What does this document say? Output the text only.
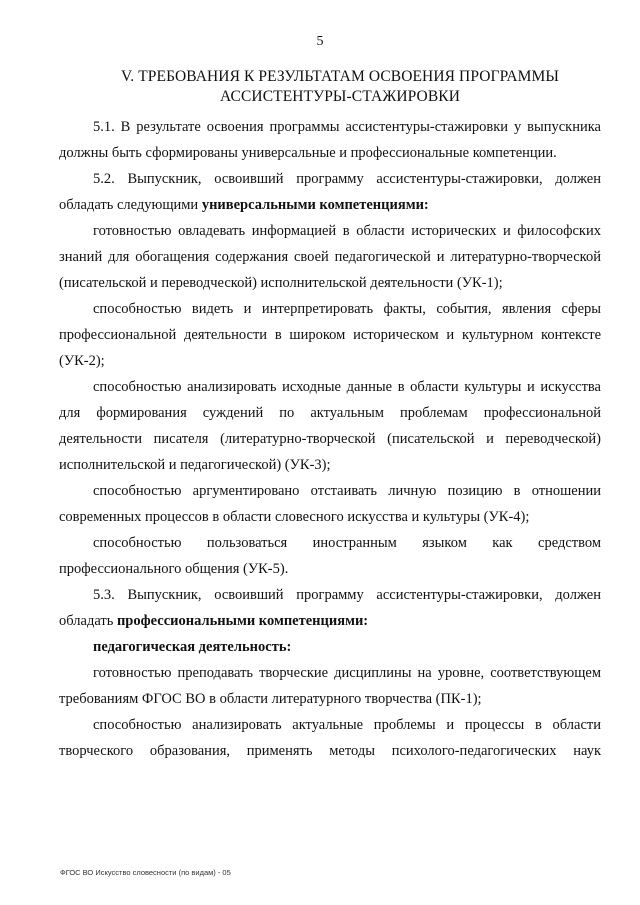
5
V. ТРЕБОВАНИЯ К РЕЗУЛЬТАТАМ ОСВОЕНИЯ ПРОГРАММЫ
АССИСТЕНТУРЫ-СТАЖИРОВКИ

5.1. В результате освоения программы ассистентуры-стажировки у выпускника должны быть сформированы универсальные и профессиональные компетенции.

5.2. Выпускник, освоивший программу ассистентуры-стажировки, должен обладать следующими универсальными компетенциями:

готовностью овладевать информацией в области исторических и философских знаний для обогащения содержания своей педагогической и литературно-творческой (писательской и переводческой) исполнительской деятельности (УК-1);

способностью видеть и интерпретировать факты, события, явления сферы профессиональной деятельности в широком историческом и культурном контексте (УК-2);

способностью анализировать исходные данные в области культуры и искусства для формирования суждений по актуальным проблемам профессиональной деятельности писателя (литературно-творческой (писательской и переводческой) исполнительской и педагогической) (УК-3);

способностью аргументировано отстаивать личную позицию в отношении современных процессов в области словесного искусства и культуры (УК-4);

способностью пользоваться иностранным языком как средством профессионального общения (УК-5).

5.3. Выпускник, освоивший программу ассистентуры-стажировки, должен обладать профессиональными компетенциями:

педагогическая деятельность:

готовностью преподавать творческие дисциплины на уровне, соответствующем требованиям ФГОС ВО в области литературного творчества (ПК-1);

способностью анализировать актуальные проблемы и процессы в области творческого образования, применять методы психолого-педагогических наук

ФГОС ВО Искусство словесности (по видам) - 05
